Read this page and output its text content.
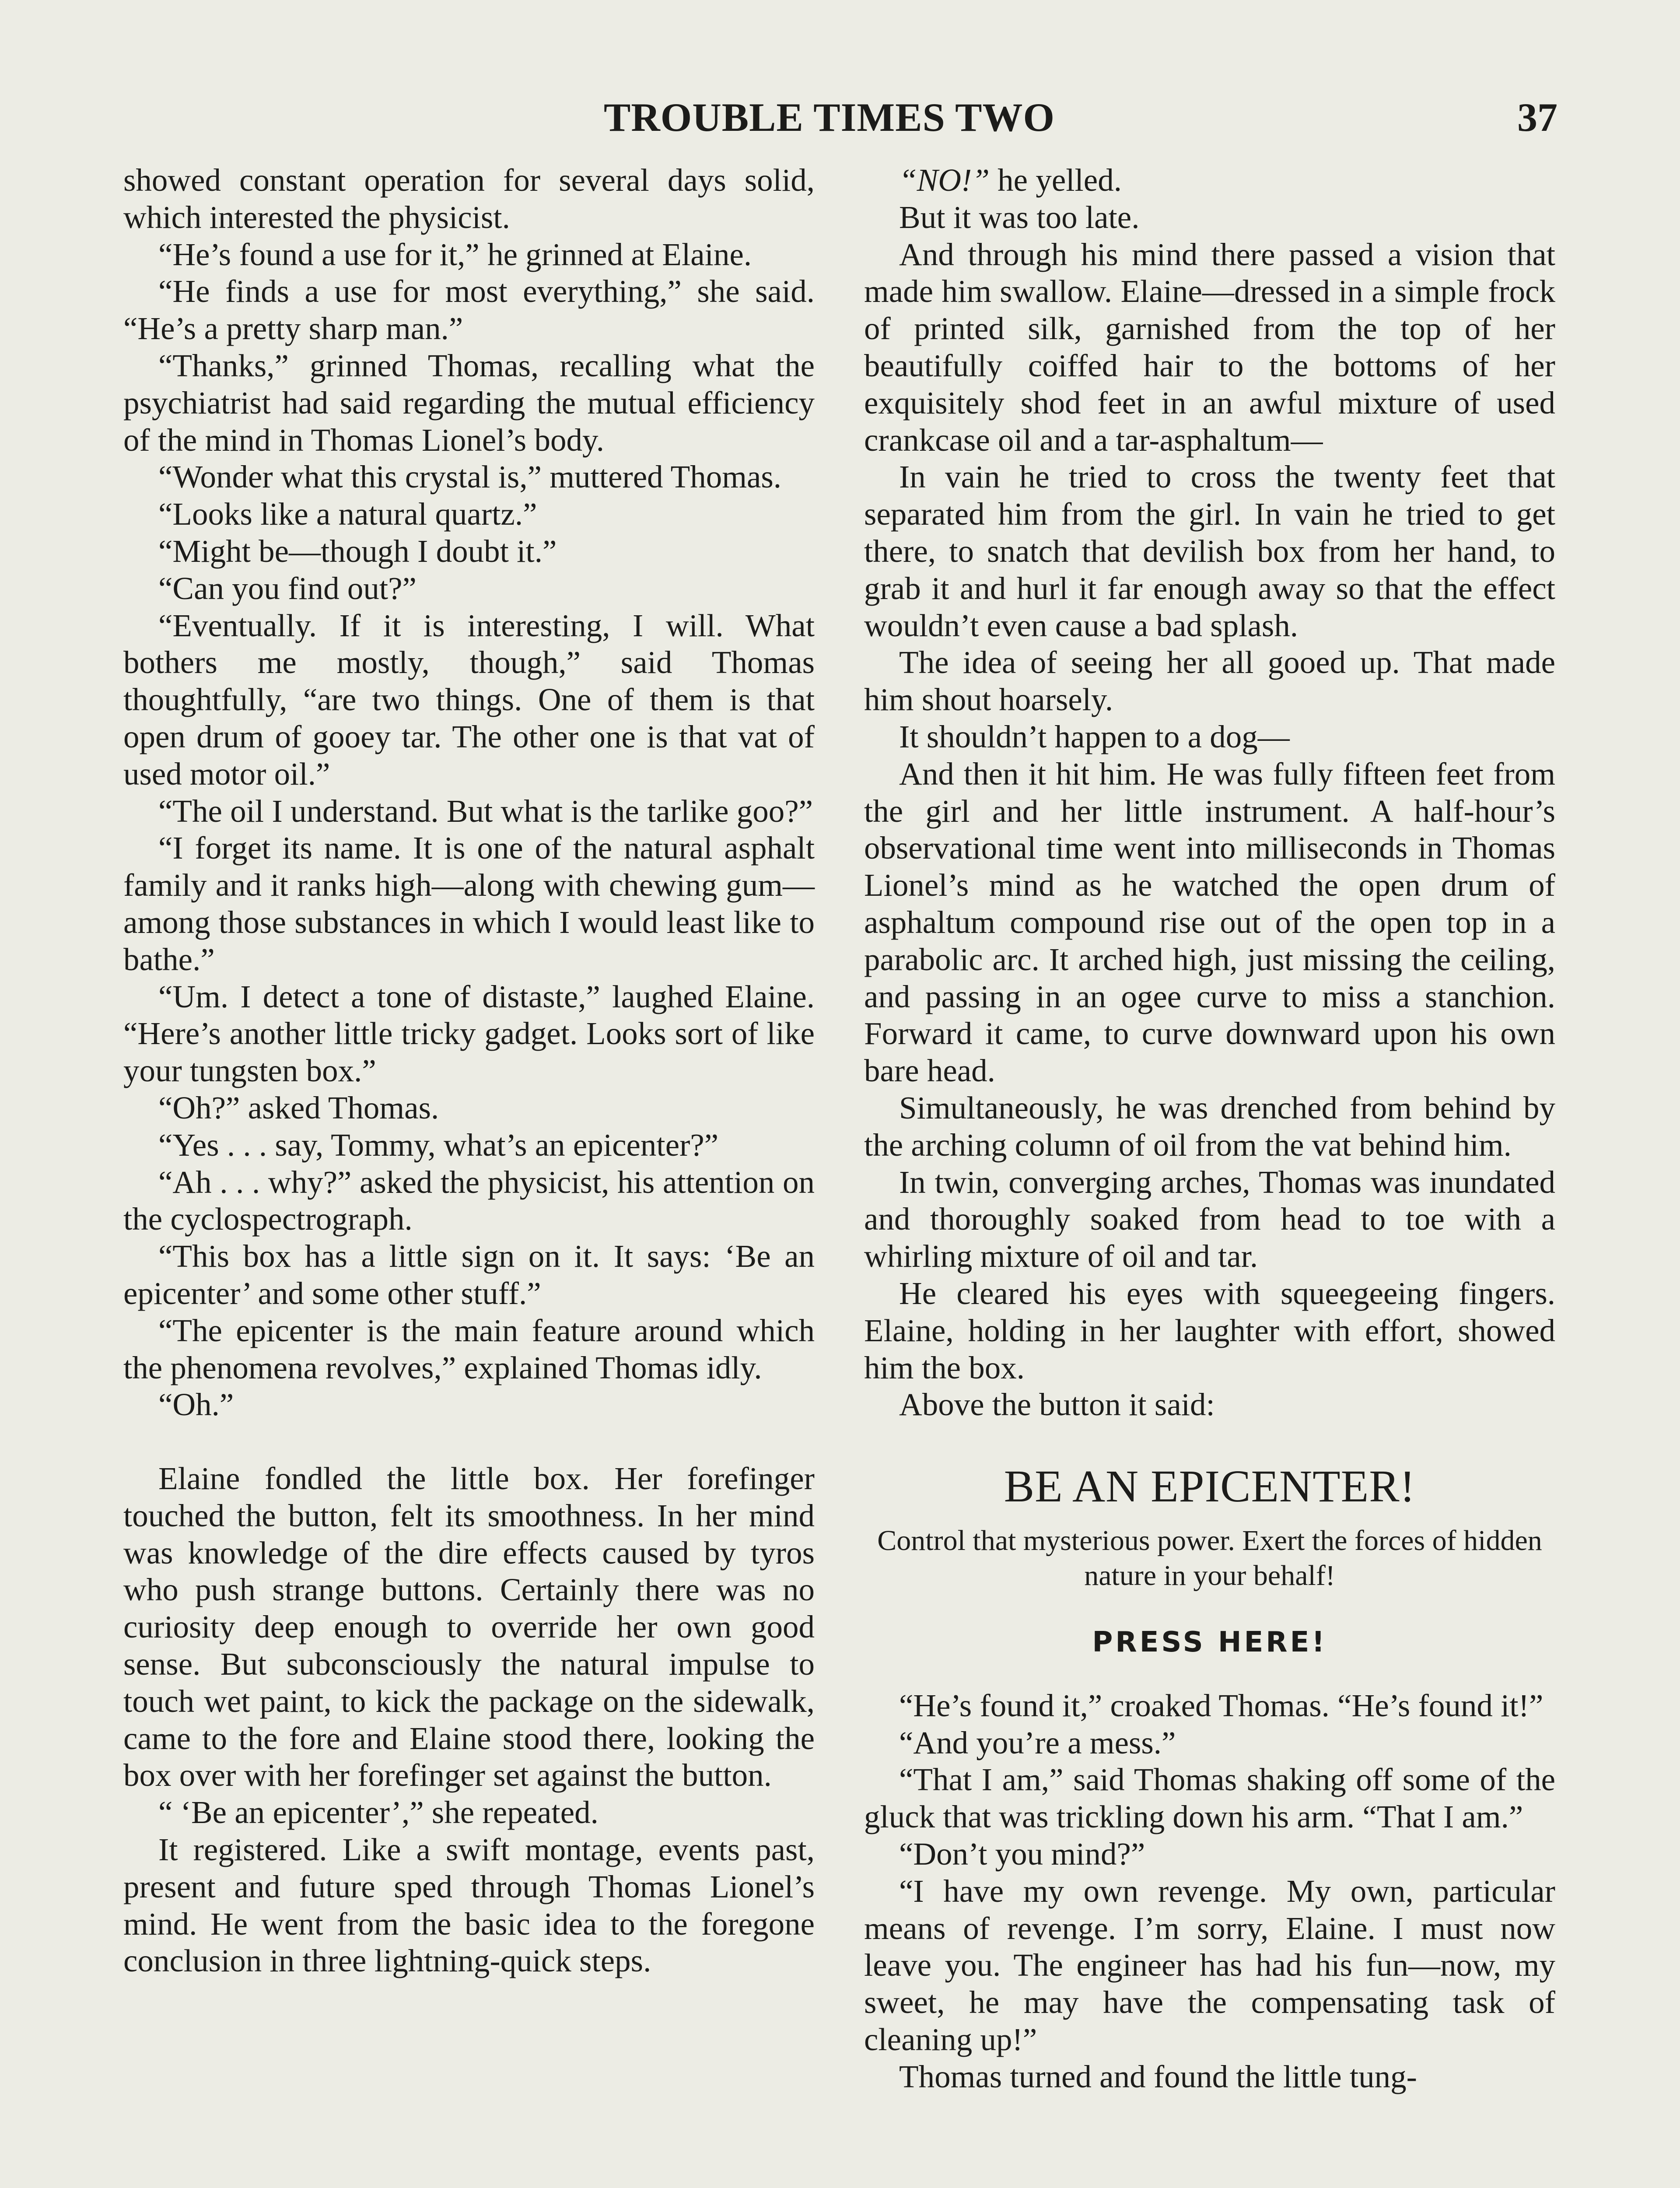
TROUBLE TIMES TWO	37

showed constant operation for several days solid, which interested the physicist.

“He’s found a use for it,” he grinned at Elaine.

“He finds a use for most everything,” she said. “He’s a pretty sharp man.”

“Thanks,” grinned Thomas, recalling what the psychiatrist had said regarding the mutual efficiency of the mind in Thomas Lionel’s body.

“Wonder what this crystal is,” muttered Thomas.

“Looks like a natural quartz.”

“Might be—though I doubt it.”

“Can you find out?”

“Eventually. If it is interesting, I will. What bothers me mostly, though,” said Thomas thoughtfully, “are two things. One of them is that open drum of gooey tar. The other one is that vat of used motor oil.”

“The oil I understand. But what is the tarlike goo?”

“I forget its name. It is one of the natural asphalt family and it ranks high—along with chewing gum—among those substances in which I would least like to bathe.”

“Um. I detect a tone of distaste,” laughed Elaine. “Here’s another little tricky gadget. Looks sort of like your tungsten box.”

“Oh?” asked Thomas.

“Yes . . . say, Tommy, what’s an epicenter?”

“Ah . . . why?” asked the physicist, his attention on the cyclospectrograph.

“This box has a little sign on it. It says: ‘Be an epicenter’ and some other stuff.”

“The epicenter is the main feature around which the phenomena revolves,” explained Thomas idly.

“Oh.”

Elaine fondled the little box. Her forefinger touched the button, felt its smoothness. In her mind was knowledge of the dire effects caused by tyros who push strange buttons. Certainly there was no curiosity deep enough to override her own good sense. But subconsciously the natural impulse to touch wet paint, to kick the package on the sidewalk, came to the fore and Elaine stood there, looking the box over with her forefinger set against the button.

“ ‘Be an epicenter’,” she repeated.

It registered. Like a swift montage, events past, present and future sped through Thomas Lionel’s mind. He went from the basic idea to the foregone conclusion in three lightning-quick steps.

“NO!” he yelled.

But it was too late.

And through his mind there passed a vision that made him swallow. Elaine—dressed in a simple frock of printed silk, garnished from the top of her beautifully coiffed hair to the bottoms of her exquisitely shod feet in an awful mixture of used crankcase oil and a tar-asphaltum—

In vain he tried to cross the twenty feet that separated him from the girl. In vain he tried to get there, to snatch that devilish box from her hand, to grab it and hurl it far enough away so that the effect wouldn’t even cause a bad splash.

The idea of seeing her all gooed up. That made him shout hoarsely.

It shouldn’t happen to a dog—

And then it hit him. He was fully fifteen feet from the girl and her little instrument. A half-hour’s observational time went into milliseconds in Thomas Lionel’s mind as he watched the open drum of asphaltum compound rise out of the open top in a parabolic arc. It arched high, just missing the ceiling, and passing in an ogee curve to miss a stanchion. Forward it came, to curve downward upon his own bare head.

Simultaneously, he was drenched from behind by the arching column of oil from the vat behind him.

In twin, converging arches, Thomas was inundated and thoroughly soaked from head to toe with a whirling mixture of oil and tar.

He cleared his eyes with squeegeeing fingers. Elaine, holding in her laughter with effort, showed him the box.

Above the button it said:

BE AN EPICENTER!
Control that mysterious power. Exert the forces of hidden nature in your behalf!
PRESS HERE!

“He’s found it,” croaked Thomas. “He’s found it!”

“And you’re a mess.”

“That I am,” said Thomas shaking off some of the gluck that was trickling down his arm. “That I am.”

“Don’t you mind?”

“I have my own revenge. My own, particular means of revenge. I’m sorry, Elaine. I must now leave you. The engineer has had his fun—now, my sweet, he may have the compensating task of cleaning up!”

Thomas turned and found the little tung-
